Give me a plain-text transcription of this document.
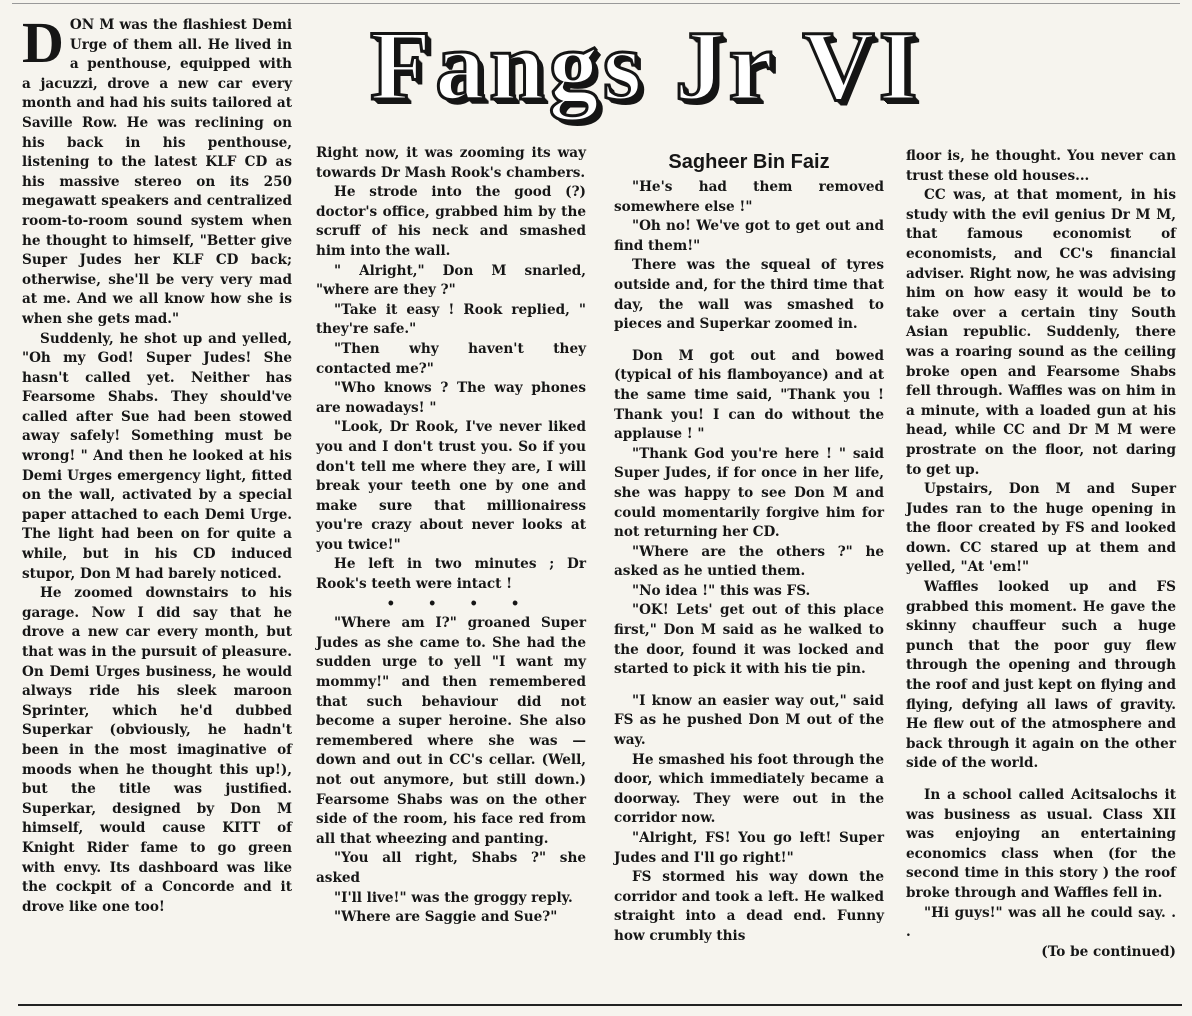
Fangs Jr VI
Sagheer Bin Faiz

DON M was the flashiest Demi Urge of them all. He lived in a penthouse, equipped with a jacuzzi, drove a new car every month and had his suits tailored at Saville Row. He was reclining on his back in his penthouse, listening to the latest KLF CD as his massive stereo on its 250 megawatt speakers and centralized room-to-room sound system when he thought to himself, "Better give Super Judes her KLF CD back; otherwise, she'll be very very mad at me. And we all know how she is when she gets mad."

Suddenly, he shot up and yelled, "Oh my God! Super Judes! She hasn't called yet. Neither has Fearsome Shabs. They should've called after Sue had been stowed away safely! Something must be wrong! " And then he looked at his Demi Urges emergency light, fitted on the wall, activated by a special paper attached to each Demi Urge. The light had been on for quite a while, but in his CD induced stupor, Don M had barely noticed.

He zoomed downstairs to his garage. Now I did say that he drove a new car every month, but that was in the pursuit of pleasure. On Demi Urges business, he would always ride his sleek maroon Sprinter, which he'd dubbed Superkar (obviously, he hadn't been in the most imaginative of moods when he thought this up!), but the title was justified. Superkar, designed by Don M himself, would cause KITT of Knight Rider fame to go green with envy. Its dashboard was like the cockpit of a Concorde and it drove like one too!

Right now, it was zooming its way towards Dr Mash Rook's chambers.

He strode into the good (?) doctor's office, grabbed him by the scruff of his neck and smashed him into the wall.

" Alright," Don M snarled, "where are they ?"

"Take it easy ! Rook replied, " they're safe."

"Then why haven't they contacted me?"

"Who knows ? The way phones are nowadays! "

"Look, Dr Rook, I've never liked you and I don't trust you. So if you don't tell me where they are, I will break your teeth one by one and make sure that millionairess you're crazy about never looks at you twice!"

He left in two minutes ; Dr Rook's teeth were intact !

• • • •

"Where am I?" groaned Super Judes as she came to. She had the sudden urge to yell "I want my mommy!" and then remembered that such behaviour did not become a super heroine. She also remembered where she was — down and out in CC's cellar. (Well, not out anymore, but still down.) Fearsome Shabs was on the other side of the room, his face red from all that wheezing and panting.

"You all right, Shabs ?" she asked

"I'll live!" was the groggy reply.

"Where are Saggie and Sue?"

"He's had them removed somewhere else !"

"Oh no! We've got to get out and find them!"

There was the squeal of tyres outside and, for the third time that day, the wall was smashed to pieces and Superkar zoomed in.

Don M got out and bowed (typical of his flamboyance) and at the same time said, "Thank you ! Thank you! I can do without the applause ! "

"Thank God you're here ! " said Super Judes, if for once in her life, she was happy to see Don M and could momentarily forgive him for not returning her CD.

"Where are the others ?" he asked as he untied them.

"No idea !" this was FS.

"OK! Lets' get out of this place first," Don M said as he walked to the door, found it was locked and started to pick it with his tie pin.

"I know an easier way out," said FS as he pushed Don M out of the way.

He smashed his foot through the door, which immediately became a doorway. They were out in the corridor now.

"Alright, FS! You go left! Super Judes and I'll go right!"

FS stormed his way down the corridor and took a left. He walked straight into a dead end. Funny how crumbly this

floor is, he thought. You never can trust these old houses...

CC was, at that moment, in his study with the evil genius Dr M M, that famous economist of economists, and CC's financial adviser. Right now, he was advising him on how easy it would be to take over a certain tiny South Asian republic. Suddenly, there was a roaring sound as the ceiling broke open and Fearsome Shabs fell through. Waffles was on him in a minute, with a loaded gun at his head, while CC and Dr M M were prostrate on the floor, not daring to get up.

Upstairs, Don M and Super Judes ran to the huge opening in the floor created by FS and looked down. CC stared up at them and yelled, "At 'em!"

Waffles looked up and FS grabbed this moment. He gave the skinny chauffeur such a huge punch that the poor guy flew through the opening and through the roof and just kept on flying and flying, defying all laws of gravity. He flew out of the atmosphere and back through it again on the other side of the world.

In a school called Acitsalochs it was business as usual. Class XII was enjoying an entertaining economics class when (for the second time in this story ) the roof broke through and Waffles fell in.

"Hi guys!" was all he could say. . .

(To be continued)
